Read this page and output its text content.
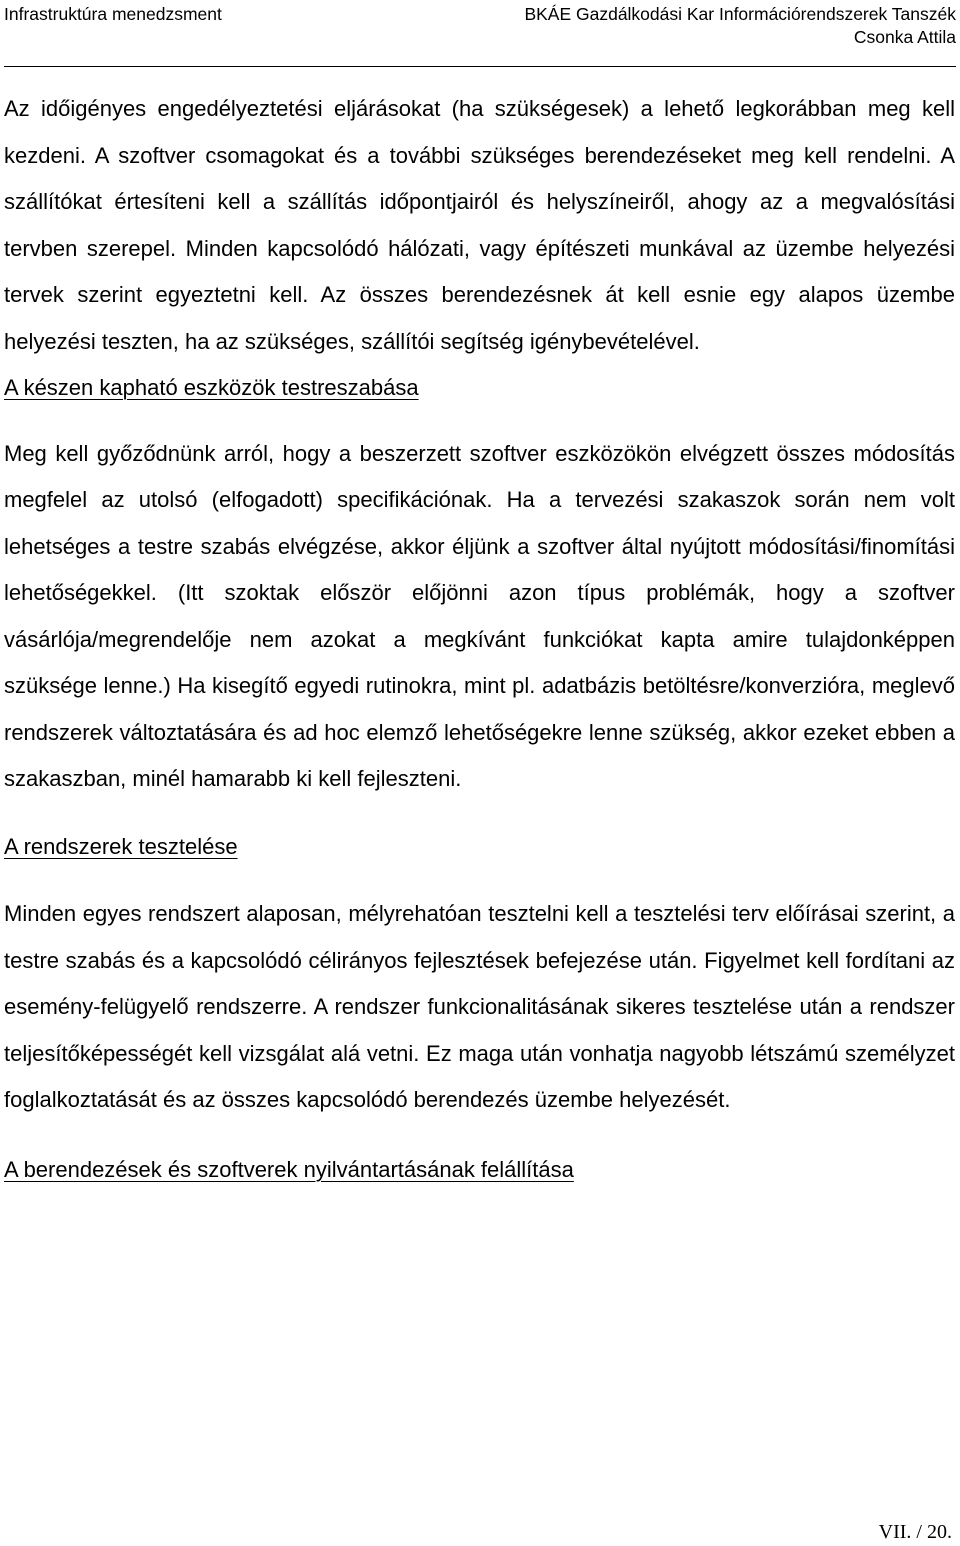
Infrastruktúra menedzsment	BKÁE Gazdálkodási Kar Információrendszerek Tanszék
Csonka Attila

Az időigényes engedélyeztetési eljárásokat (ha szükségesek) a lehető legkorábban meg kell kezdeni. A szoftver csomagokat és a további szükséges berendezéseket meg kell rendelni. A szállítókat értesíteni kell a szállítás időpontjairól és helyszíneiről, ahogy az a megvalósítási tervben szerepel. Minden kapcsolódó hálózati, vagy építészeti munkával az üzembe helyezési tervek szerint egyeztetni kell. Az összes berendezésnek át kell esnie egy alapos üzembe helyezési teszten, ha az szükséges, szállítói segítség igénybevételével.

A készen kapható eszközök testreszabása

Meg kell győződnünk arról, hogy a beszerzett szoftver eszközökön elvégzett összes módosítás megfelel az utolsó (elfogadott) specifikációnak. Ha a tervezési szakaszok során nem volt lehetséges a testre szabás elvégzése, akkor éljünk a szoftver által nyújtott módosítási/finomítási lehetőségekkel. (Itt szoktak először előjönni azon típus problémák, hogy a szoftver vásárlója/megrendelője nem azokat a megkívánt funkciókat kapta amire tulajdonképpen szüksége lenne.) Ha kisegítő egyedi rutinokra, mint pl. adatbázis betöltésre/konverzióra, meglevő rendszerek változtatására és ad hoc elemző lehetőségekre lenne szükség, akkor ezeket ebben a szakaszban, minél hamarabb ki kell fejleszteni.

A rendszerek tesztelése

Minden egyes rendszert alaposan, mélyrehatóan tesztelni kell a tesztelési terv előírásai szerint, a testre szabás és a kapcsolódó célirányos fejlesztések befejezése után. Figyelmet kell fordítani az esemény-felügyelő rendszerre. A rendszer funkcionalitásának sikeres tesztelése után a rendszer teljesítőképességét kell vizsgálat alá vetni. Ez maga után vonhatja nagyobb létszámú személyzet foglalkoztatását és az összes kapcsolódó berendezés üzembe helyezését.

A berendezések és szoftverek nyilvántartásának felállítása

VII. / 20.
